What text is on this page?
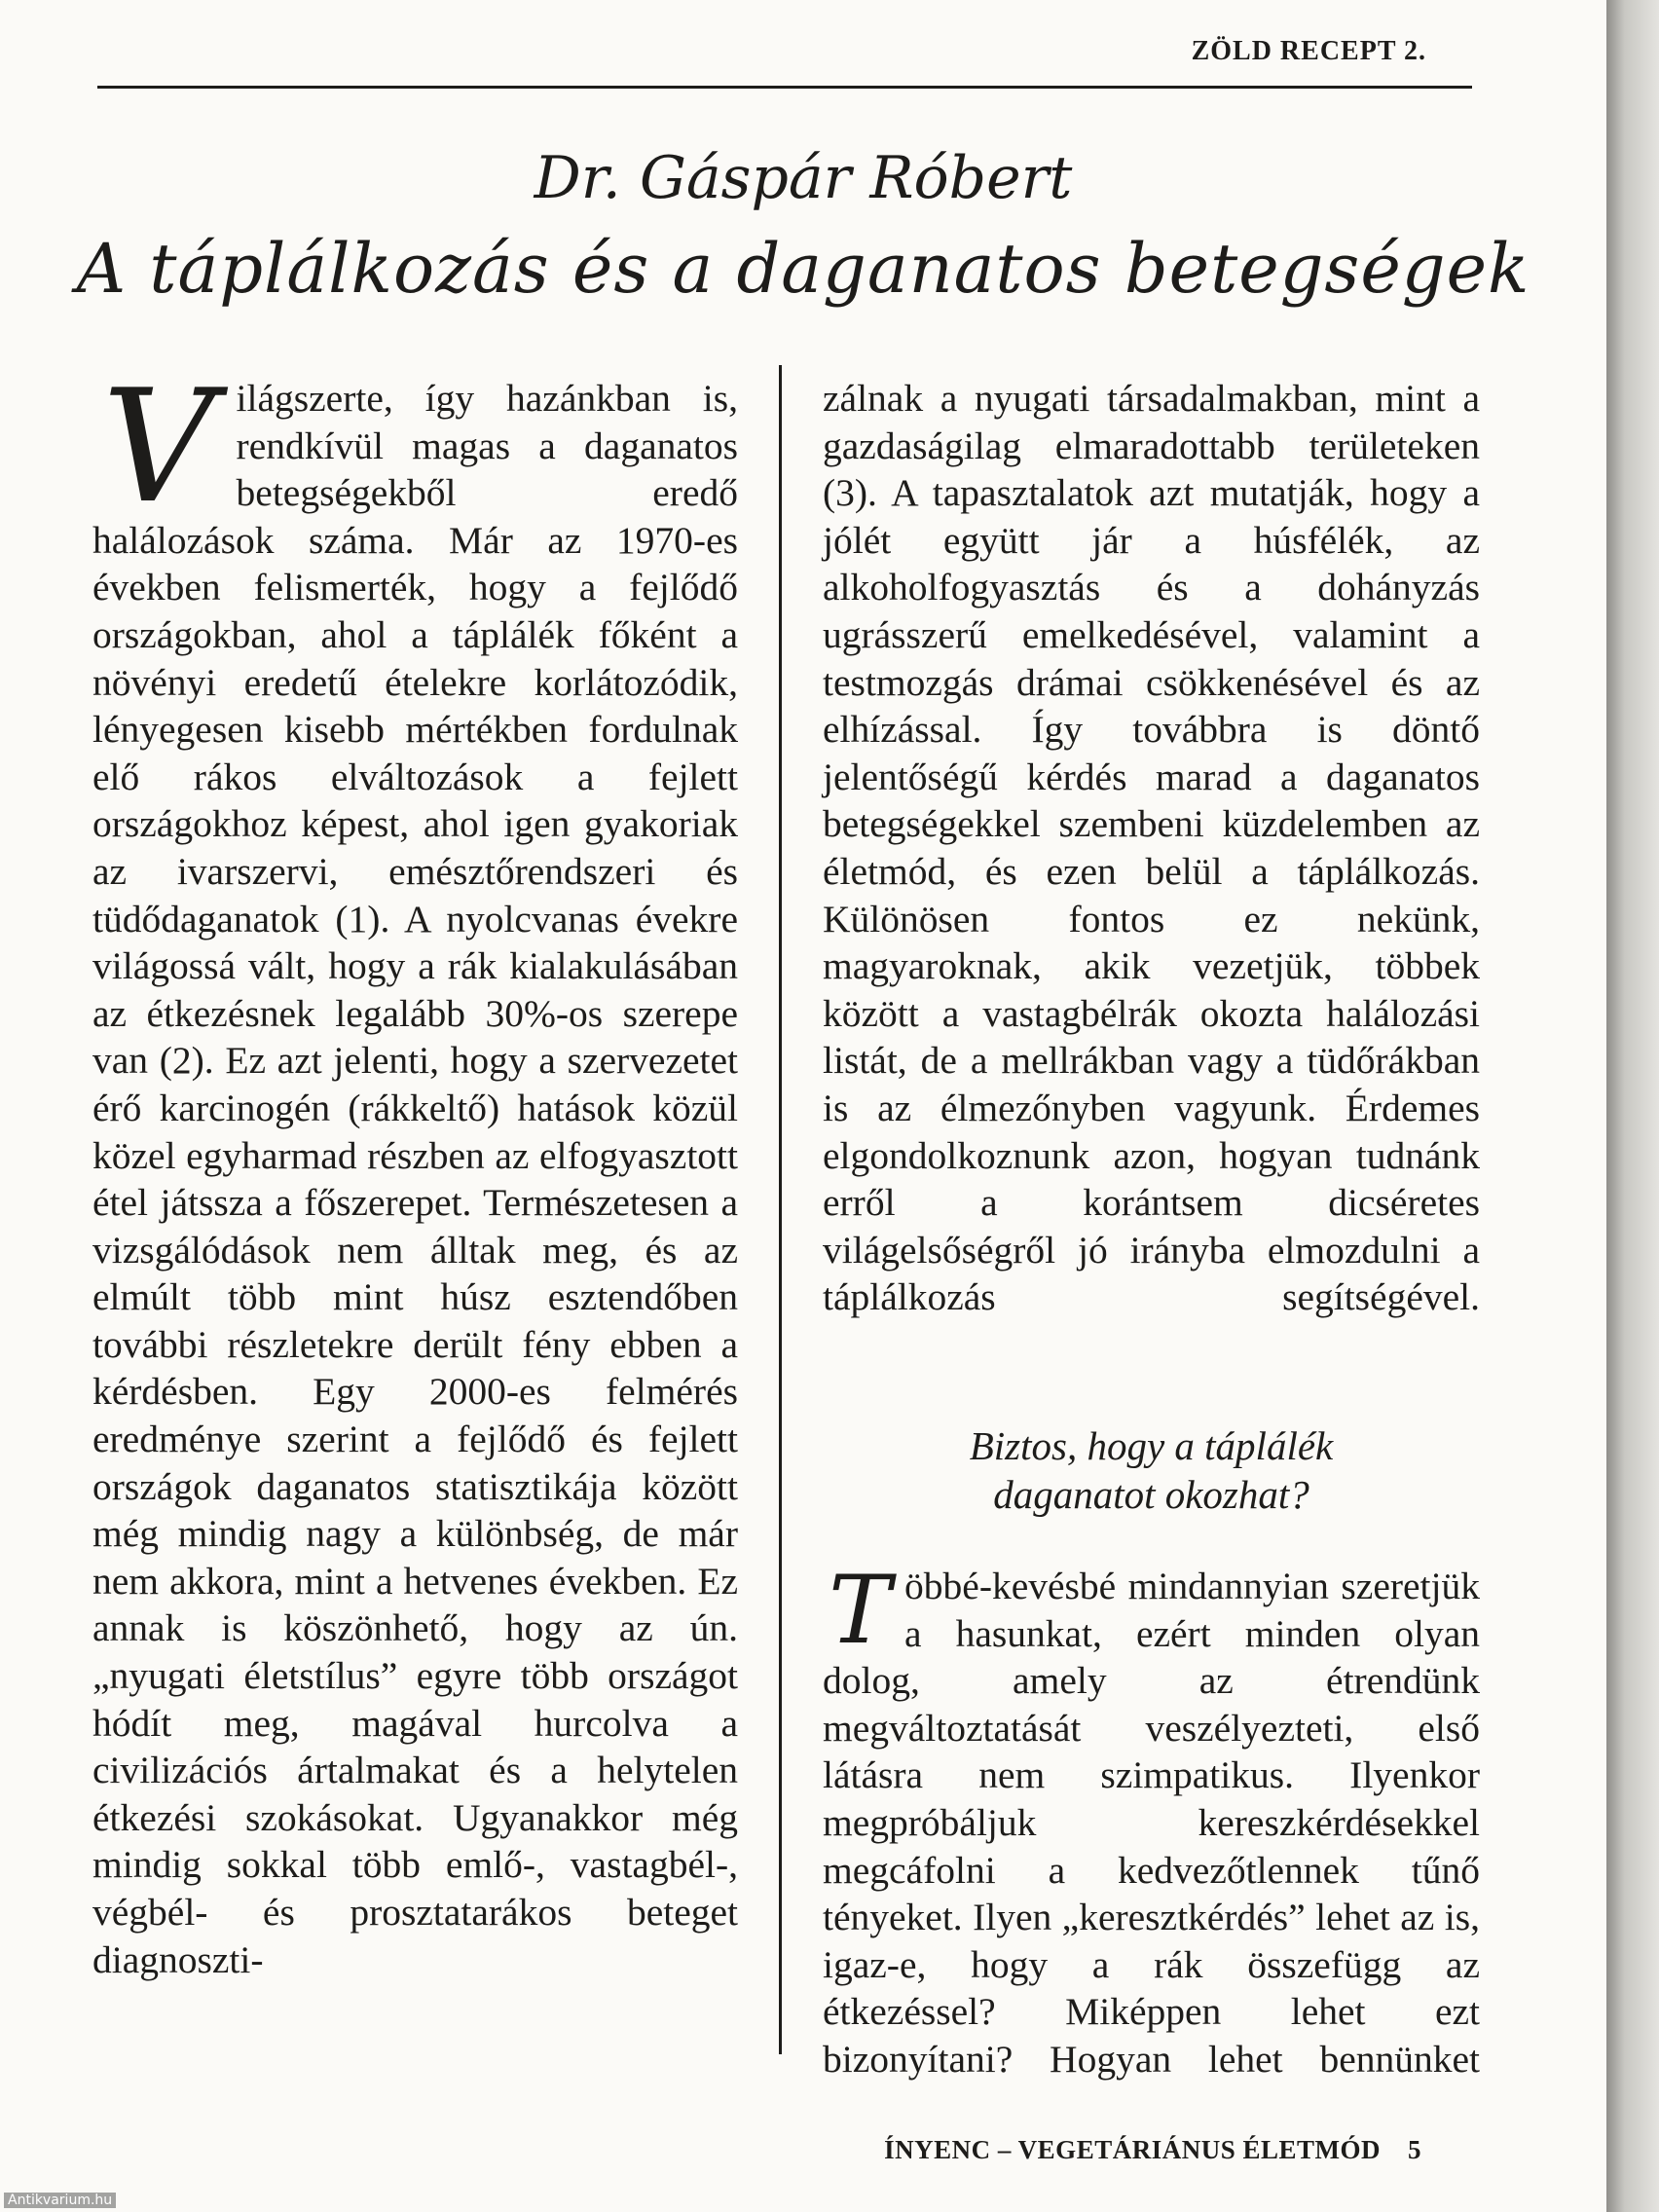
ZÖLD RECEPT 2.
Dr. Gáspár Róbert
A táplálkozás és a daganatos betegségek

Világszerte, így hazánkban is, rendkívül magas a daganatos betegségekből eredő halálozások száma. Már az 1970-es években felismerték, hogy a fejlődő országokban, ahol a táplálék főként a növényi eredetű ételekre korlátozódik, lényegesen kisebb mértékben fordulnak elő rákos elváltozások a fejlett országokhoz képest, ahol igen gyakoriak az ivarszervi, emésztőrendszeri és tüdődaganatok (1). A nyolcvanas évekre világossá vált, hogy a rák kialakulásában az étkezésnek legalább 30%-os szerepe van (2). Ez azt jelenti, hogy a szervezetet érő karcinogén (rákkeltő) hatások közül közel egyharmad részben az elfogyasztott étel játssza a főszerepet. Természetesen a vizsgálódások nem álltak meg, és az elmúlt több mint húsz esztendőben további részletekre derült fény ebben a kérdésben. Egy 2000-es felmérés eredménye szerint a fejlődő és fejlett országok daganatos statisztikája között még mindig nagy a különbség, de már nem akkora, mint a hetvenes években. Ez annak is köszönhető, hogy az ún. „nyugati életstílus” egyre több országot hódít meg, magával hurcolva a civilizációs ártalmakat és a helytelen étkezési szokásokat. Ugyanakkor még mindig sokkal több emlő-, vastagbél-, végbél- és prosztatarákos beteget diagnoszti-

zálnak a nyugati társadalmakban, mint a gazdaságilag elmaradottabb területeken (3). A tapasztalatok azt mutatják, hogy a jólét együtt jár a húsfélék, az alkoholfogyasztás és a dohányzás ugrásszerű emelkedésével, valamint a testmozgás drámai csökkenésével és az elhízással. Így továbbra is döntő jelentőségű kérdés marad a daganatos betegségekkel szembeni küzdelemben az életmód, és ezen belül a táplálkozás. Különösen fontos ez nekünk, magyaroknak, akik vezetjük, többek között a vastagbélrák okozta halálozási listát, de a mellrákban vagy a tüdőrákban is az élmezőnyben vagyunk. Érdemes elgondolkoznunk azon, hogyan tudnánk erről a korántsem dicséretes világelsőségről jó irányba elmozdulni a táplálkozás segítségével.

Biztos, hogy a táplálék
daganatot okozhat?

Többé-kevésbé mindannyian szeretjük a hasunkat, ezért minden olyan dolog, amely az étrendünk megváltoztatását veszélyezteti, első látásra nem szimpatikus. Ilyenkor megpróbáljuk kereszkérdésekkel megcáfolni a kedvezőtlennek tűnő tényeket. Ilyen „keresztkérdés” lehet az is, igaz-e, hogy a rák összefügg az étkezéssel? Miképpen lehet ezt bizonyítani? Hogyan lehet bennünket

ÍNYENC – VEGETÁRIÁNUS ÉLETMÓD 5
Antikvarium.hu
